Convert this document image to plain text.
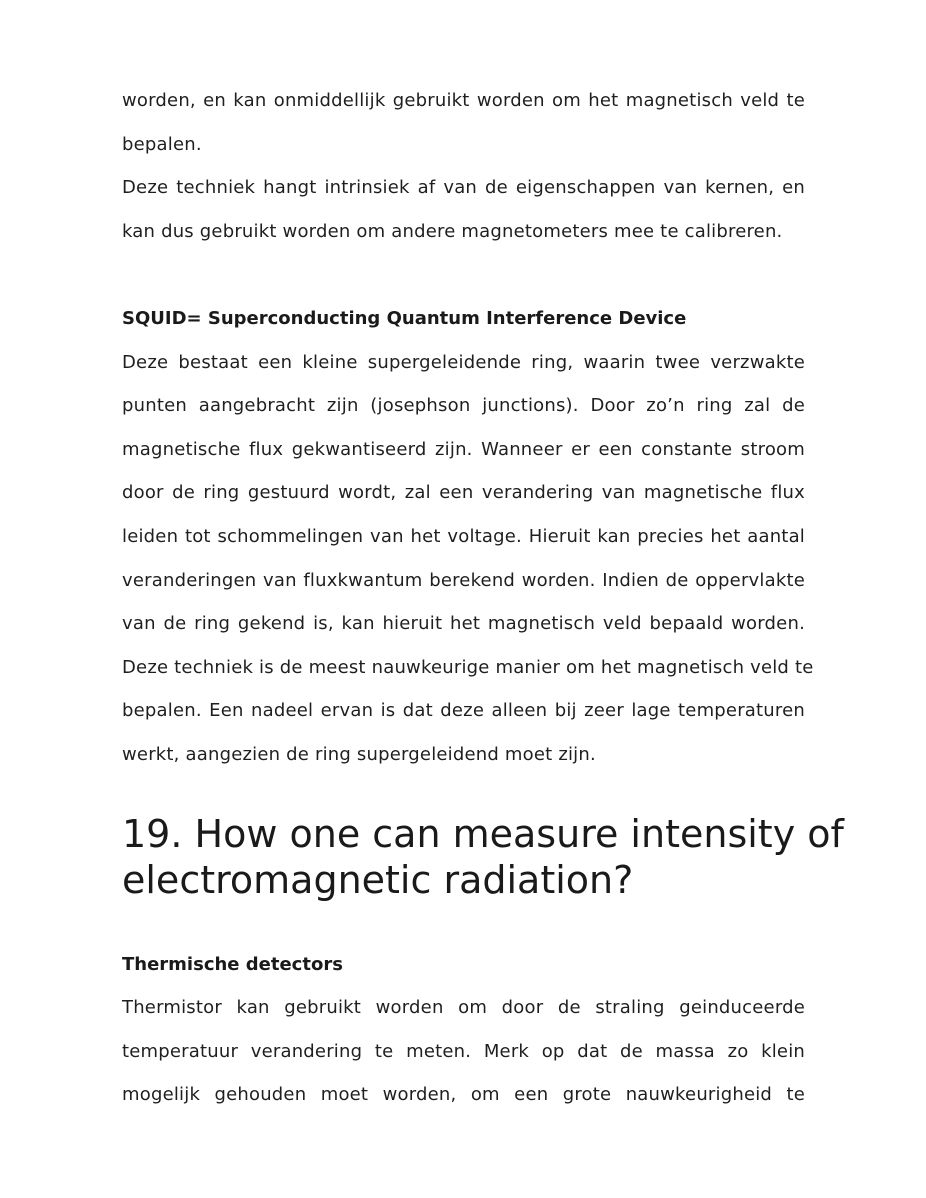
worden, en kan onmiddellijk gebruikt worden om het magnetisch veld te
bepalen.
Deze techniek hangt intrinsiek af van de eigenschappen van kernen, en
kan dus gebruikt worden om andere magnetometers mee te calibreren.
SQUID= Superconducting Quantum Interference Device
Deze bestaat een kleine supergeleidende ring, waarin twee verzwakte
punten aangebracht zijn (josephson junctions). Door zo’n ring zal de
magnetische flux gekwantiseerd zijn. Wanneer er een constante stroom
door de ring gestuurd wordt, zal een verandering van magnetische flux
leiden tot schommelingen van het voltage. Hieruit kan precies het aantal
veranderingen van fluxkwantum berekend worden. Indien de oppervlakte
van de ring gekend is, kan hieruit het magnetisch veld bepaald worden.
Deze techniek is de meest nauwkeurige manier om het magnetisch veld te
bepalen. Een nadeel ervan is dat deze alleen bij zeer lage temperaturen
werkt, aangezien de ring supergeleidend moet zijn.
19. How one can measure intensity of
electromagnetic radiation?
Thermische detectors
Thermistor kan gebruikt worden om door de straling geinduceerde
temperatuur verandering te meten. Merk op dat de massa zo klein
mogelijk gehouden moet worden, om een grote nauwkeurigheid te
